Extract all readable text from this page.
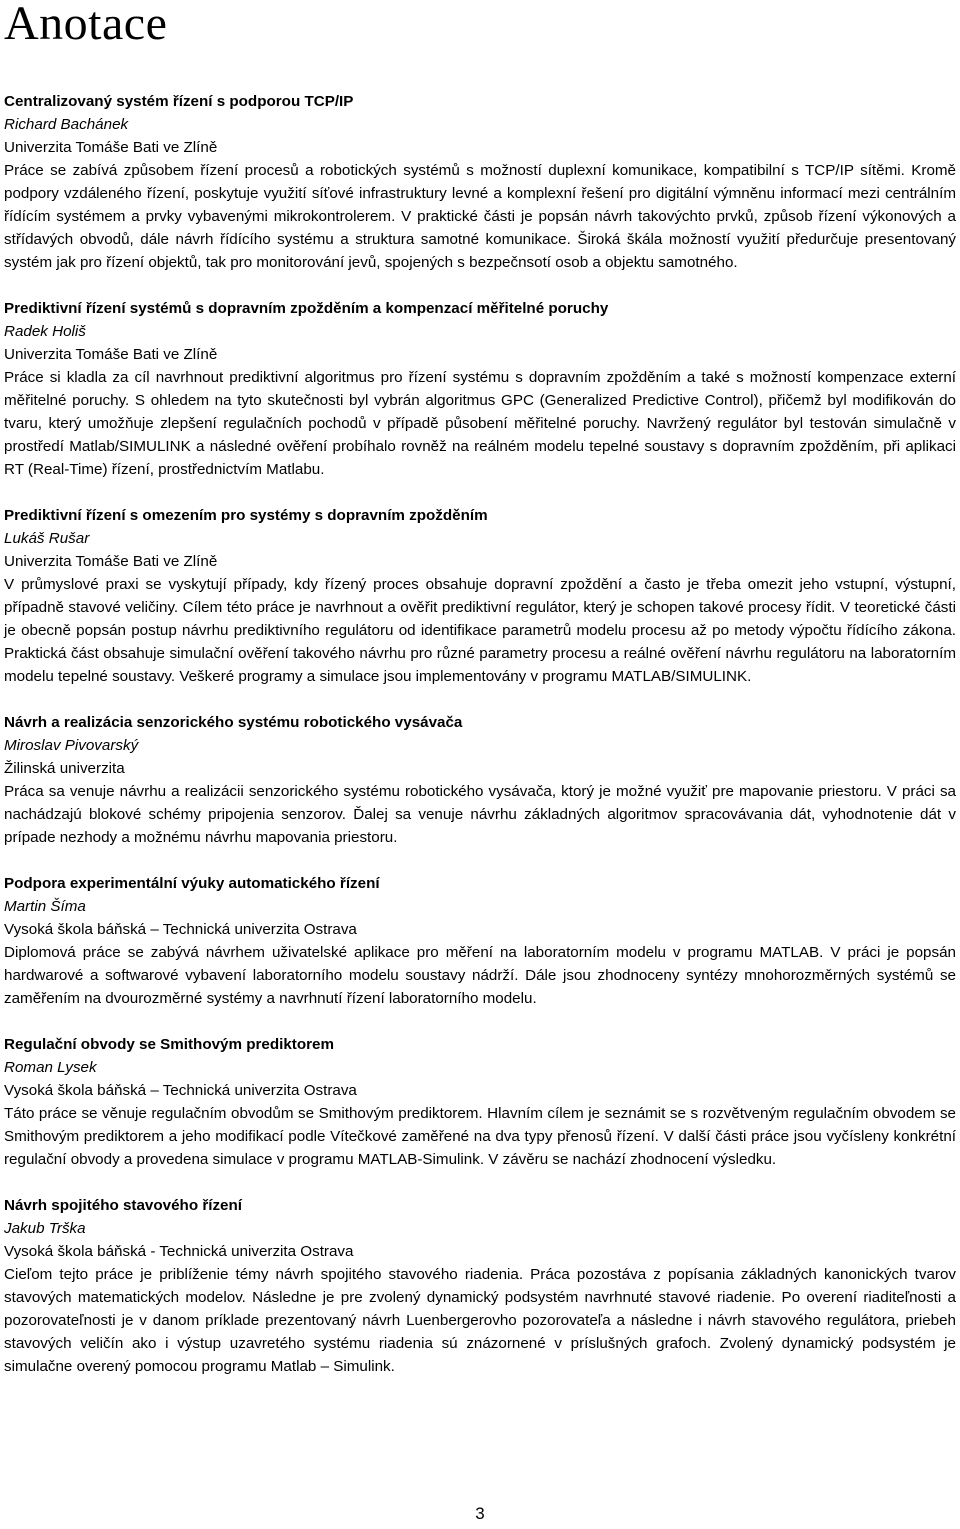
Anotace

Centralizovaný systém řízení s podporou TCP/IP

Richard Bachánek

Univerzita Tomáše Bati ve Zlíně

Práce se zabívá způsobem řízení procesů a robotických systémů s možností duplexní komunikace, kompatibilní s TCP/IP sítěmi. Kromě podpory vzdáleného řízení, poskytuje využití síťové infrastruktury levné a komplexní řešení pro digitální výmněnu informací mezi centrálním řídícím systémem a prvky vybavenými mikrokontrolerem. V praktické části je popsán návrh takovýchto prvků, způsob řízení výkonových a střídavých obvodů, dále návrh řídícího systému a struktura samotné komunikace. Široká škála možností využití předurčuje presentovaný systém jak pro řízení objektů, tak pro monitorování jevů, spojených s bezpečnsotí osob a objektu samotného.

Prediktivní řízení systémů s dopravním zpožděním a kompenzací měřitelné poruchy

Radek Holiš

Univerzita Tomáše Bati ve Zlíně

Práce si kladla za cíl navrhnout prediktivní algoritmus pro řízení systému s dopravním zpožděním a také s možností kompenzace externí měřitelné poruchy. S ohledem na tyto skutečnosti byl vybrán algoritmus GPC (Generalized Predictive Control), přičemž byl modifikován do tvaru, který umožňuje zlepšení regulačních pochodů v případě působení měřitelné poruchy. Navržený regulátor byl testován simulačně v prostředí Matlab/SIMULINK a následné ověření probíhalo rovněž na reálném modelu tepelné soustavy s dopravním zpožděním, při aplikaci RT (Real-Time) řízení, prostřednictvím Matlabu.

Prediktivní řízení s omezením pro systémy s dopravním zpožděním

Lukáš Rušar

Univerzita Tomáše Bati ve Zlíně

V průmyslové praxi se vyskytují případy, kdy řízený proces obsahuje dopravní zpoždění a často je třeba omezit jeho vstupní, výstupní, případně stavové veličiny. Cílem této práce je navrhnout a ověřit prediktivní regulátor, který je schopen takové procesy řídit. V teoretické části je obecně popsán postup návrhu prediktivního regulátoru od identifikace parametrů modelu procesu až po metody výpočtu řídícího zákona. Praktická část obsahuje simulační ověření takového návrhu pro různé parametry procesu a reálné ověření návrhu regulátoru na laboratorním modelu tepelné soustavy. Veškeré programy a simulace jsou implementovány v programu MATLAB/SIMULINK.

Návrh a realizácia senzorického systému robotického vysávača

Miroslav Pivovarský

Žilinská univerzita

Práca sa venuje návrhu a realizácii senzorického systému robotického vysávača, ktorý je možné využiť pre mapovanie priestoru. V práci sa nachádzajú blokové schémy pripojenia senzorov. Ďalej sa venuje návrhu základných algoritmov spracovávania dát, vyhodnotenie dát v prípade nezhody a možnému návrhu mapovania priestoru.

Podpora experimentální výuky automatického řízení

Martin Šíma

Vysoká škola báňská – Technická univerzita Ostrava

Diplomová práce se zabývá návrhem uživatelské aplikace pro měření na laboratorním modelu v programu MATLAB. V práci je popsán hardwarové a softwarové vybavení laboratorního modelu soustavy nádrží. Dále jsou zhodnoceny syntézy mnohorozměrných systémů se zaměřením na dvourozměrné systémy a navrhnutí řízení laboratorního modelu.

Regulační obvody se Smithovým prediktorem

Roman Lysek

Vysoká škola báňská – Technická univerzita Ostrava

Táto práce se věnuje regulačním obvodům se Smithovým prediktorem. Hlavním cílem je seznámit se s rozvětveným regulačním obvodem se Smithovým prediktorem a jeho modifikací podle Vítečkové zaměřené na dva typy přenosů řízení. V další části práce jsou vyčísleny konkrétní regulační obvody a provedena simulace v programu MATLAB-Simulink. V závěru se nachází zhodnocení výsledku.

Návrh spojitého stavového řízení

Jakub Trška

Vysoká škola báňská - Technická univerzita Ostrava

Cieľom tejto práce je priblíženie témy návrh spojitého stavového riadenia. Práca pozostáva z popísania základných kanonických tvarov stavových matematických modelov. Následne je pre zvolený dynamický podsystém navrhnuté stavové riadenie. Po overení riaditeľnosti a pozorovateľnosti je v danom príklade prezentovaný návrh Luenbergerovho pozorovateľa a následne i návrh stavového regulátora, priebeh stavových veličín ako i výstup uzavretého systému riadenia sú znázornené v príslušných grafoch. Zvolený dynamický podsystém je simulačne overený pomocou programu Matlab – Simulink.

3
